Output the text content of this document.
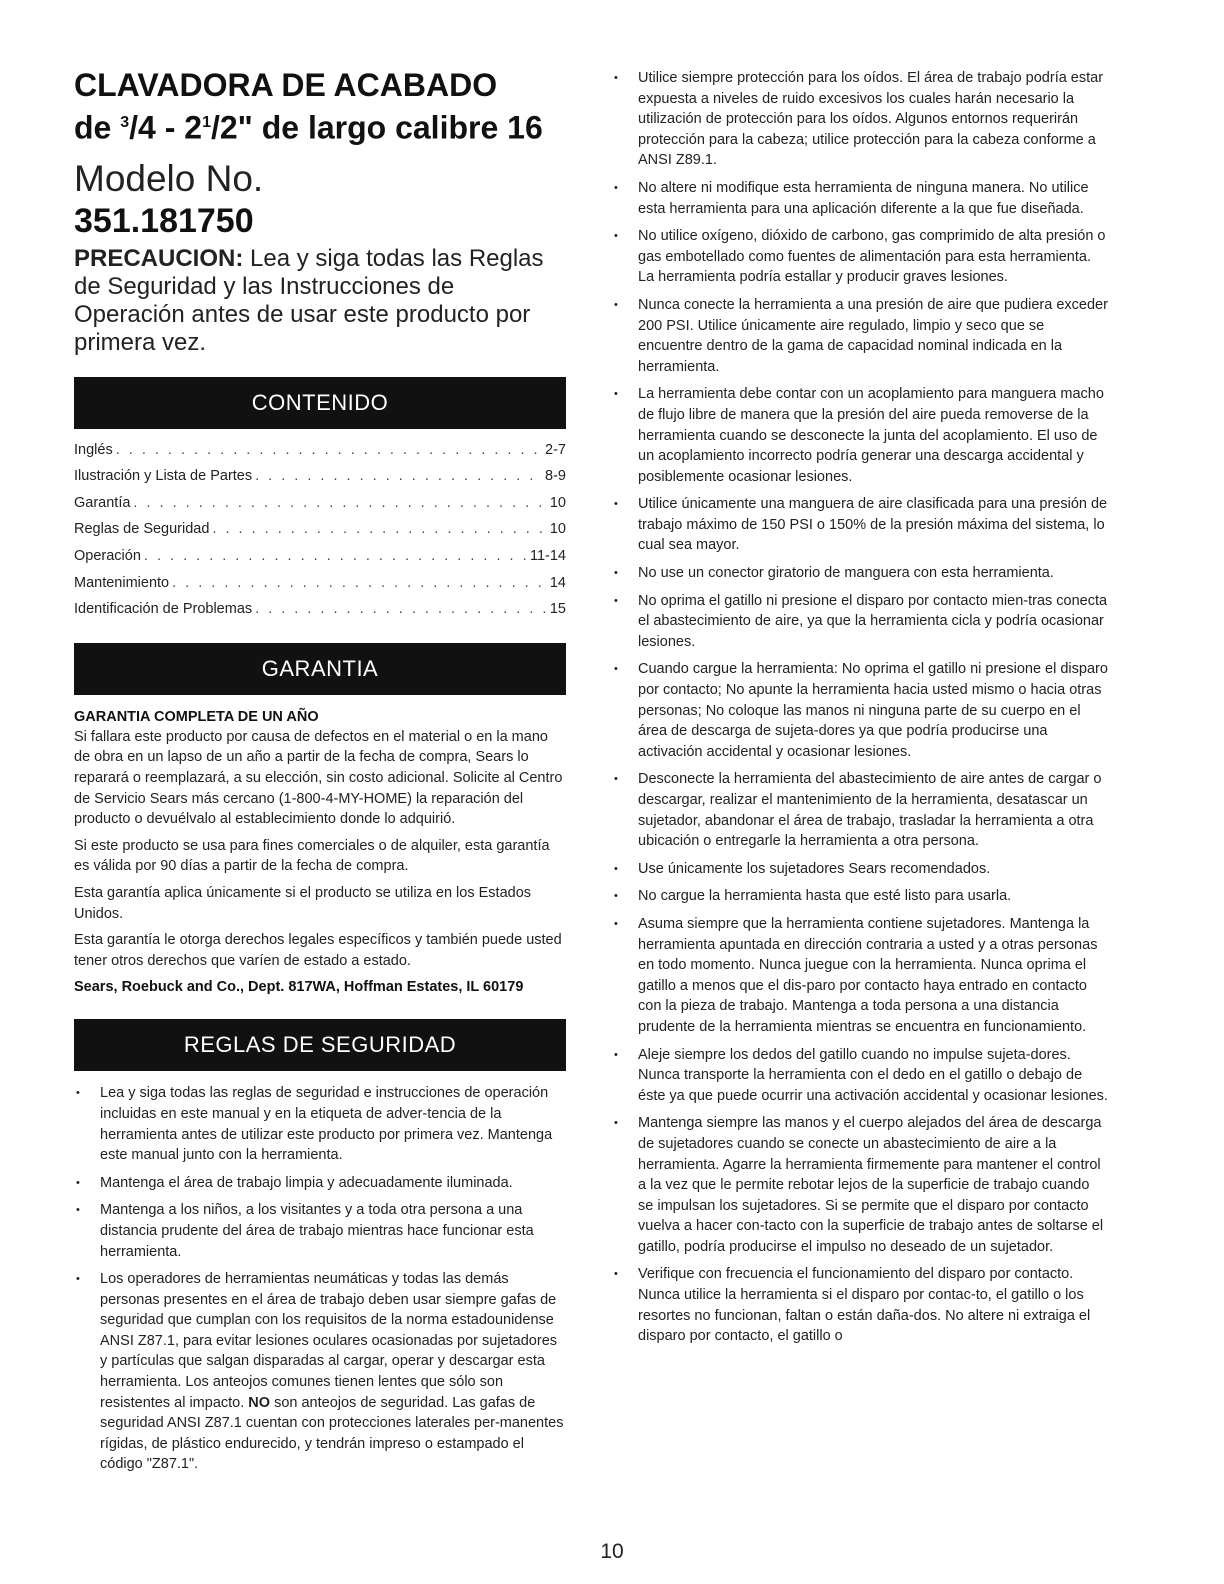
CLAVADORA DE ACABADO
de $^3/4 - 2^1/2$" de largo calibre 16
Modelo No.
351.181750

PRECAUCION: Lea y siga todas las Reglas de Seguridad y las Instrucciones de Operación antes de usar este producto por primera vez.

CONTENIDO
Inglés . . .	2-7
Ilustración y Lista de Partes . . .	8-9
Garantía . . .	10
Reglas de Seguridad . . .	10
Operación . . .	11-14
Mantenimiento . . .	14
Identificación de Problemas . . .	15
GARANTIA
GARANTIA COMPLETA DE UN AÑO

Si fallara este producto por causa de defectos en el material o en la mano de obra en un lapso de un año a partir de la fecha de compra, Sears lo reparará o reemplazará, a su elección, sin costo adicional. Solicite al Centro de Servicio Sears más cercano (1-800-4-MY-HOME) la reparación del producto o devuélvalo al establecimiento donde lo adquirió.

Si este producto se usa para fines comerciales o de alquiler, esta garantía es válida por 90 días a partir de la fecha de compra.

Esta garantía aplica únicamente si el producto se utiliza en los Estados Unidos.

Esta garantía le otorga derechos legales específicos y también puede usted tener otros derechos que varíen de estado a estado.

Sears, Roebuck and Co., Dept. 817WA, Hoffman Estates, IL 60179

REGLAS DE SEGURIDAD
• Lea y siga todas las reglas de seguridad e instrucciones de operación incluidas en este manual y en la etiqueta de adver-tencia de la herramienta antes de utilizar este producto por primera vez. Mantenga este manual junto con la herramienta.
• Mantenga el área de trabajo limpia y adecuadamente iluminada.
• Mantenga a los niños, a los visitantes y a toda otra persona a una distancia prudente del área de trabajo mientras hace funcionar esta herramienta.
• Los operadores de herramientas neumáticas y todas las demás personas presentes en el área de trabajo deben usar siempre gafas de seguridad que cumplan con los requisitos de la norma estadounidense ANSI Z87.1, para evitar lesiones oculares ocasionadas por sujetadores y partículas que salgan disparadas al cargar, operar y descargar esta herramienta. Los anteojos comunes tienen lentes que sólo son resistentes al impacto. NO son anteojos de seguridad. Las gafas de seguridad ANSI Z87.1 cuentan con protecciones laterales per-manentes rígidas, de plástico endurecido, y tendrán impreso o estampado el código "Z87.1".
• Utilice siempre protección para los oídos. El área de trabajo podría estar expuesta a niveles de ruido excesivos los cuales harán necesario la utilización de protección para los oídos. Algunos entornos requerirán protección para la cabeza; utilice protección para la cabeza conforme a ANSI Z89.1.
• No altere ni modifique esta herramienta de ninguna manera. No utilice esta herramienta para una aplicación diferente a la que fue diseñada.
• No utilice oxígeno, dióxido de carbono, gas comprimido de alta presión o gas embotellado como fuentes de alimentación para esta herramienta. La herramienta podría estallar y producir graves lesiones.
• Nunca conecte la herramienta a una presión de aire que pudiera exceder 200 PSI. Utilice únicamente aire regulado, limpio y seco que se encuentre dentro de la gama de capacidad nominal indicada en la herramienta.
• La herramienta debe contar con un acoplamiento para manguera macho de flujo libre de manera que la presión del aire pueda removerse de la herramienta cuando se desconecte la junta del acoplamiento. El uso de un acoplamiento incorrecto podría generar una descarga accidental y posiblemente ocasionar lesiones.
• Utilice únicamente una manguera de aire clasificada para una presión de trabajo máximo de 150 PSI o 150% de la presión máxima del sistema, lo cual sea mayor.
• No use un conector giratorio de manguera con esta herramienta.
• No oprima el gatillo ni presione el disparo por contacto mien-tras conecta el abastecimiento de aire, ya que la herramienta cicla y podría ocasionar lesiones.
• Cuando cargue la herramienta: No oprima el gatillo ni presione el disparo por contacto; No apunte la herramienta hacia usted mismo o hacia otras personas; No coloque las manos ni ninguna parte de su cuerpo en el área de descarga de sujeta-dores ya que podría producirse una activación accidental y ocasionar lesiones.
• Desconecte la herramienta del abastecimiento de aire antes de cargar o descargar, realizar el mantenimiento de la herramienta, desatascar un sujetador, abandonar el área de trabajo, trasladar la herramienta a otra ubicación o entregarle la herramienta a otra persona.
• Use únicamente los sujetadores Sears recomendados.
• No cargue la herramienta hasta que esté listo para usarla.
• Asuma siempre que la herramienta contiene sujetadores. Mantenga la herramienta apuntada en dirección contraria a usted y a otras personas en todo momento. Nunca juegue con la herramienta. Nunca oprima el gatillo a menos que el dis-paro por contacto haya entrado en contacto con la pieza de trabajo. Mantenga a toda persona a una distancia prudente de la herramienta mientras se encuentra en funcionamiento.
• Aleje siempre los dedos del gatillo cuando no impulse sujeta-dores. Nunca transporte la herramienta con el dedo en el gatillo o debajo de éste ya que puede ocurrir una activación accidental y ocasionar lesiones.
• Mantenga siempre las manos y el cuerpo alejados del área de descarga de sujetadores cuando se conecte un abastecimiento de aire a la herramienta. Agarre la herramienta firmemente para mantener el control a la vez que le permite rebotar lejos de la superficie de trabajo cuando se impulsan los sujetadores. Si se permite que el disparo por contacto vuelva a hacer con-tacto con la superficie de trabajo antes de soltarse el gatillo, podría producirse el impulso no deseado de un sujetador.
• Verifique con frecuencia el funcionamiento del disparo por contacto. Nunca utilice la herramienta si el disparo por contac-to, el gatillo o los resortes no funcionan, faltan o están daña-dos. No altere ni extraiga el disparo por contacto, el gatillo o
10
